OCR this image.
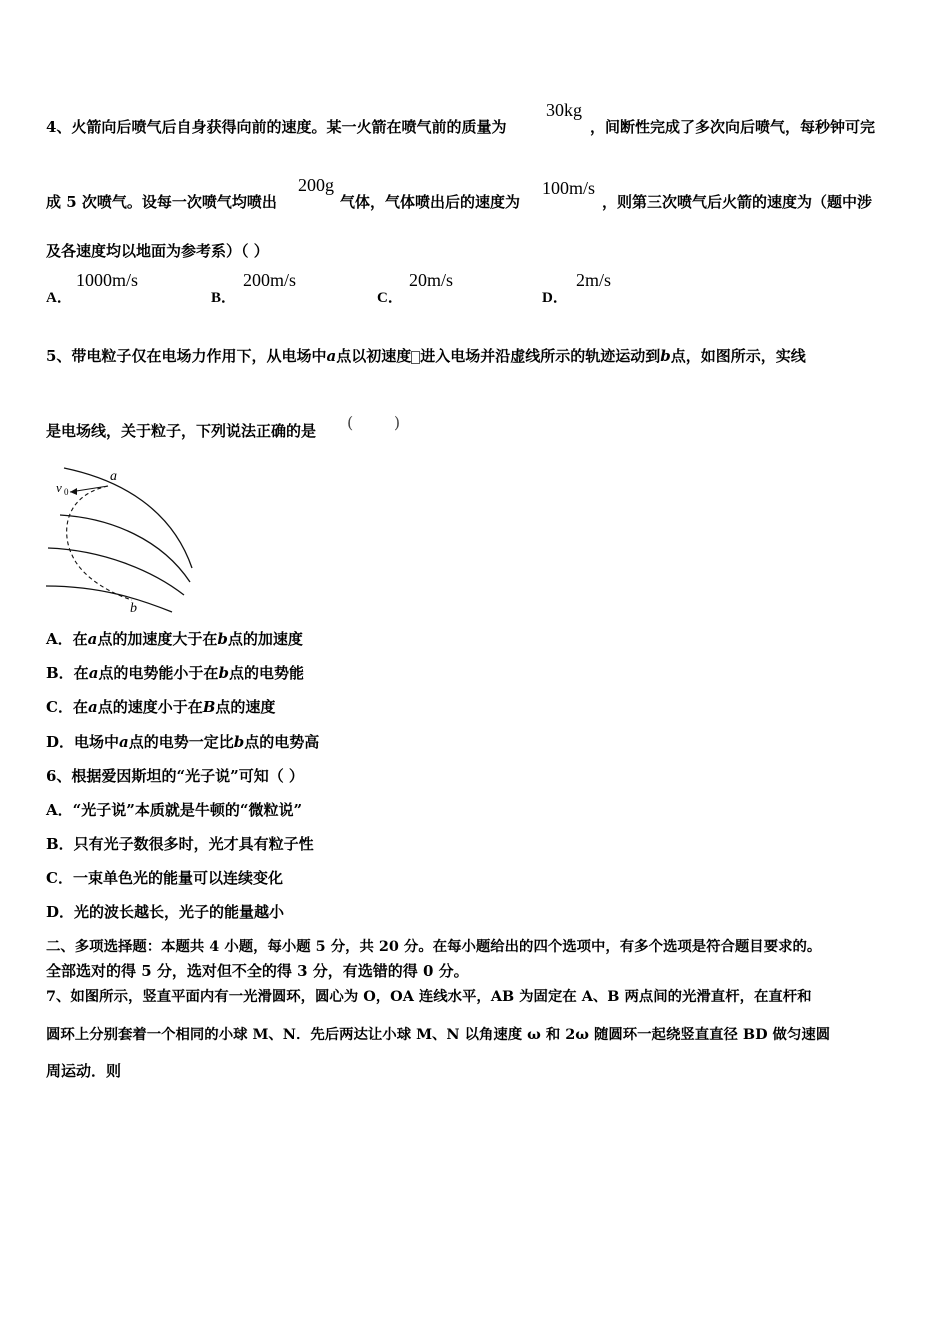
4、火箭向后喷气后自身获得向前的速度。某一火箭在喷气前的质量为
30kg
，间断性完成了多次向后喷气，每秒钟可完
成 5 次喷气。设每一次喷气均喷出
200g
气体，气体喷出后的速度为
100m/s
，则第三次喷气后火箭的速度为（题中涉
及各速度均以地面为参考系）（ ）
A．
1000m/s
B．
200m/s
C．
20m/s
D．
2m/s
5、带电粒子仅在电场力作用下，从电场中a点以初速度 进入电场并沿虚线所示的轨迹运动到b点，如图所示，实线
是电场线，关于粒子，下列说法正确的是 (        )
a
b
v 0
A．在a点的加速度大于在b点的加速度
B．在a点的电势能小于在b点的电势能
C．在a点的速度小于在B点的速度
D．电场中a点的电势一定比b点的电势高
6、根据爱因斯坦的“光子说”可知（ ）
A．“光子说”本质就是牛顿的“微粒说”
B．只有光子数很多时，光才具有粒子性
C．一束单色光的能量可以连续变化
D．光的波长越长，光子的能量越小
二、多项选择题：本题共 4 小题，每小题 5 分，共 20 分。在每小题给出的四个选项中，有多个选项是符合题目要求的。
全部选对的得 5 分，选对但不全的得 3 分，有选错的得 0 分。
7、如图所示，竖直平面内有一光滑圆环，圆心为 O，OA 连线水平，AB 为固定在 A、B 两点间的光滑直杆，在直杆和
圆环上分别套着一个相同的小球 M、N．先后两达让小球 M、N 以角速度 ω 和 2ω 随圆环一起绕竖直直径 BD 做匀速圆
周运动．则
